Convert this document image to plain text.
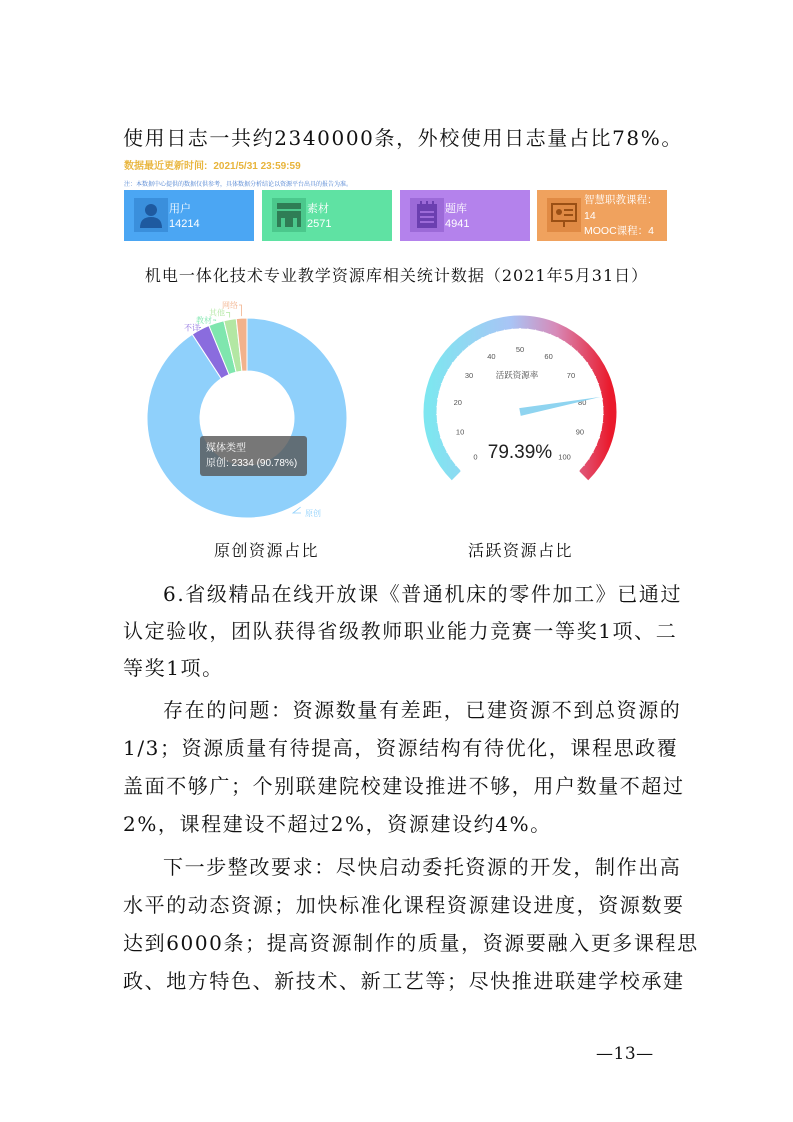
使用日志一共约2340000条，外校使用日志量占比78%。
数据最近更新时间: 2021/5/31 23:59:59
注：本数据中心提供的数据仅供参考，具体数据分析结论以资源平台出具的报告为准。
用户
14214
素材
2571
题库
4941
智慧职教课程：14
MOOC课程：4
职教云课程：81
机电一体化技术专业教学资源库相关统计数据（2021年5月31日）
原创
不详
教材
其他
网络
媒体类型
原创: 2334 (90.78%)
0
10
20
30
40
50
60
70
80
90
100
活跃资源率
79.39%
原创资源占比	活跃资源占比
6.省级精品在线开放课《普通机床的零件加工》已通过
认定验收，团队获得省级教师职业能力竞赛一等奖1项、二
等奖1项。
存在的问题：资源数量有差距，已建资源不到总资源的
1/3；资源质量有待提高，资源结构有待优化，课程思政覆
盖面不够广；个别联建院校建设推进不够，用户数量不超过
2%，课程建设不超过2%，资源建设约4%。
下一步整改要求：尽快启动委托资源的开发，制作出高
水平的动态资源；加快标准化课程资源建设进度，资源数要
达到6000条；提高资源制作的质量，资源要融入更多课程思
政、地方特色、新技术、新工艺等；尽快推进联建学校承建
—13—
